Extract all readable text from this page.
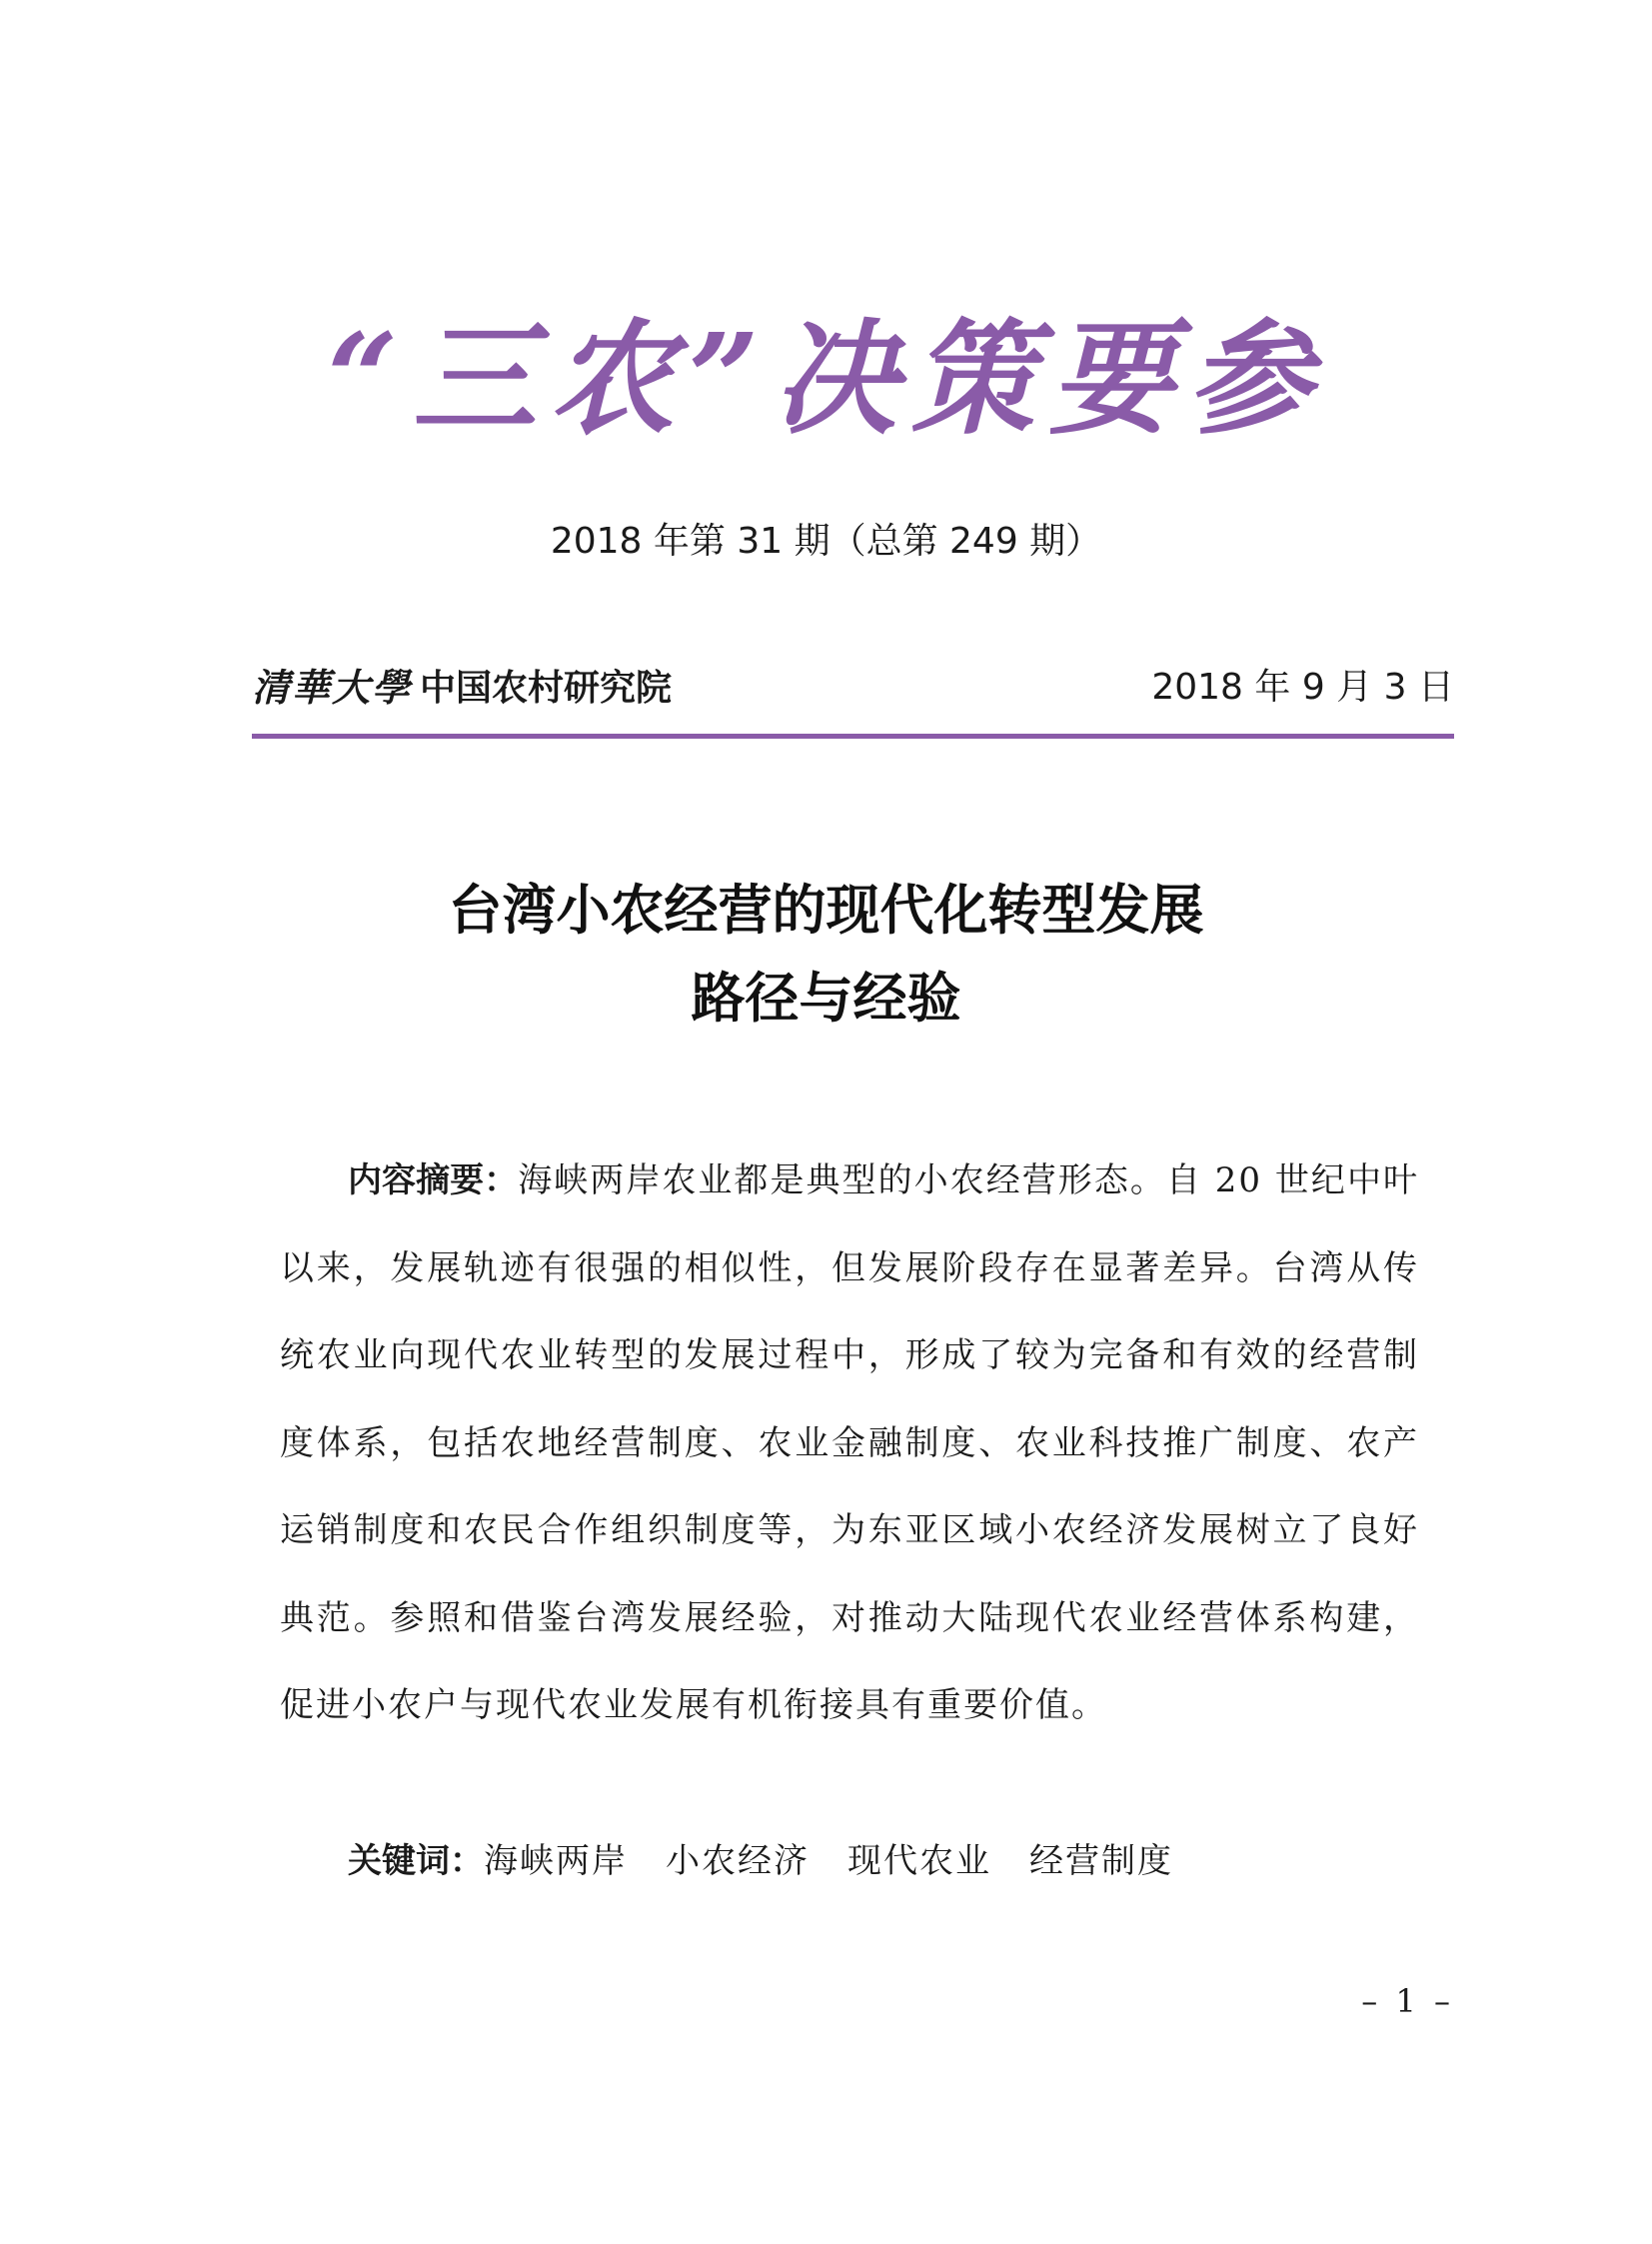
“三农”决策要参
2018 年第 31 期（总第 249 期）
清華大學 中国农村研究院	2018 年 9 月 3 日
台湾小农经营的现代化转型发展
路径与经验
内容摘要：海峡两岸农业都是典型的小农经营形态。自 20 世纪中叶以来，发展轨迹有很强的相似性，但发展阶段存在显著差异。台湾从传统农业向现代农业转型的发展过程中，形成了较为完备和有效的经营制度体系，包括农地经营制度、农业金融制度、农业科技推广制度、农产运销制度和农民合作组织制度等，为东亚区域小农经济发展树立了良好典范。参照和借鉴台湾发展经验，对推动大陆现代农业经营体系构建，促进小农户与现代农业发展有机衔接具有重要价值。
关键词：海峡两岸 小农经济 现代农业 经营制度
– 1 –
